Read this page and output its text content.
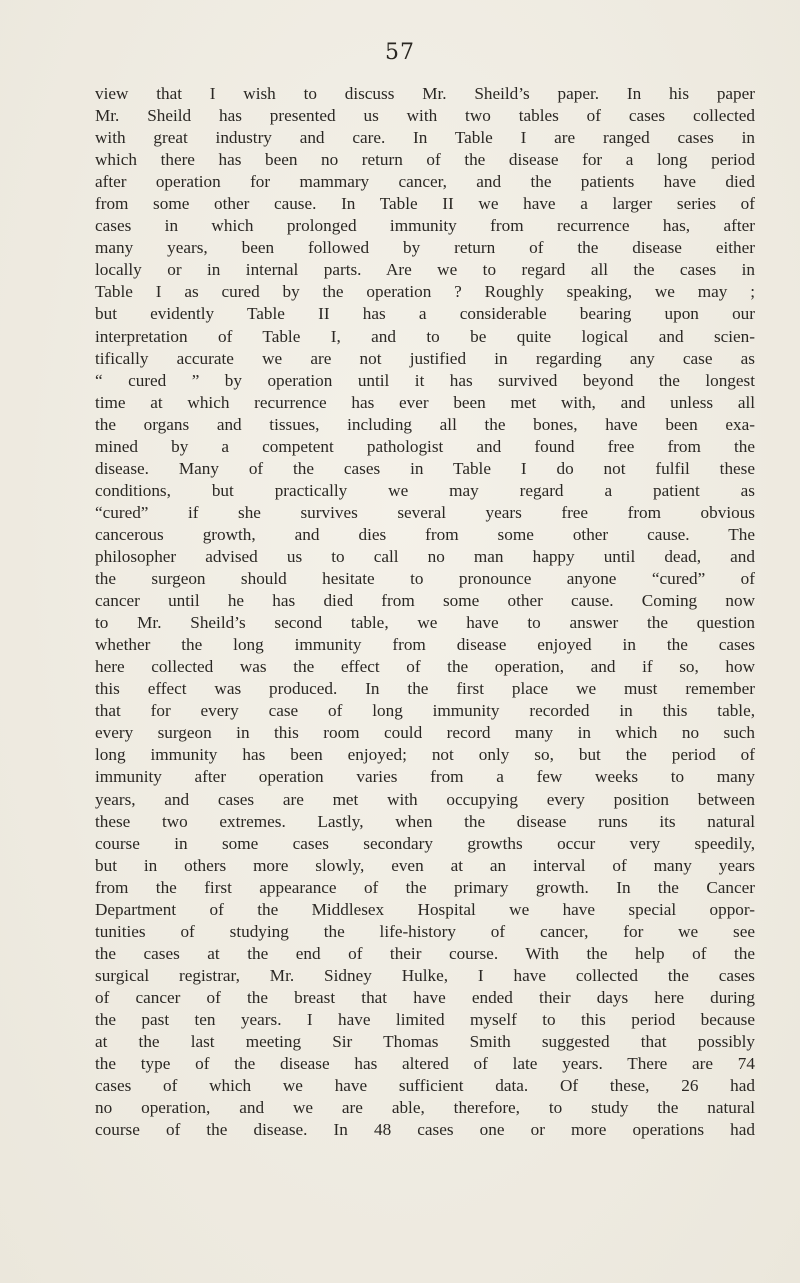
57
view that I wish to discuss Mr. Sheild’s paper. In his paper
Mr. Sheild has presented us with two tables of cases collected
with great industry and care. In Table I are ranged cases in
which there has been no return of the disease for a long period
after operation for mammary cancer, and the patients have died
from some other cause. In Table II we have a larger series of
cases in which prolonged immunity from recurrence has, after
many years, been followed by return of the disease either
locally or in internal parts. Are we to regard all the cases in
Table I as cured by the operation ? Roughly speaking, we may ;
but evidently Table II has a considerable bearing upon our
interpretation of Table I, and to be quite logical and scien-
tifically accurate we are not justified in regarding any case as
“ cured ” by operation until it has survived beyond the longest
time at which recurrence has ever been met with, and unless all
the organs and tissues, including all the bones, have been exa-
mined by a competent pathologist and found free from the
disease. Many of the cases in Table I do not fulfil these
conditions, but practically we may regard a patient as
“cured” if she survives several years free from obvious
cancerous growth, and dies from some other cause. The
philosopher advised us to call no man happy until dead, and
the surgeon should hesitate to pronounce anyone “cured” of
cancer until he has died from some other cause. Coming now
to Mr. Sheild’s second table, we have to answer the question
whether the long immunity from disease enjoyed in the cases
here collected was the effect of the operation, and if so, how
this effect was produced. In the first place we must remember
that for every case of long immunity recorded in this table,
every surgeon in this room could record many in which no such
long immunity has been enjoyed; not only so, but the period of
immunity after operation varies from a few weeks to many
years, and cases are met with occupying every position between
these two extremes. Lastly, when the disease runs its natural
course in some cases secondary growths occur very speedily,
but in others more slowly, even at an interval of many years
from the first appearance of the primary growth. In the Cancer
Department of the Middlesex Hospital we have special oppor-
tunities of studying the life-history of cancer, for we see
the cases at the end of their course. With the help of the
surgical registrar, Mr. Sidney Hulke, I have collected the cases
of cancer of the breast that have ended their days here during
the past ten years. I have limited myself to this period because
at the last meeting Sir Thomas Smith suggested that possibly
the type of the disease has altered of late years. There are 74
cases of which we have sufficient data. Of these, 26 had
no operation, and we are able, therefore, to study the natural
course of the disease. In 48 cases one or more operations had
